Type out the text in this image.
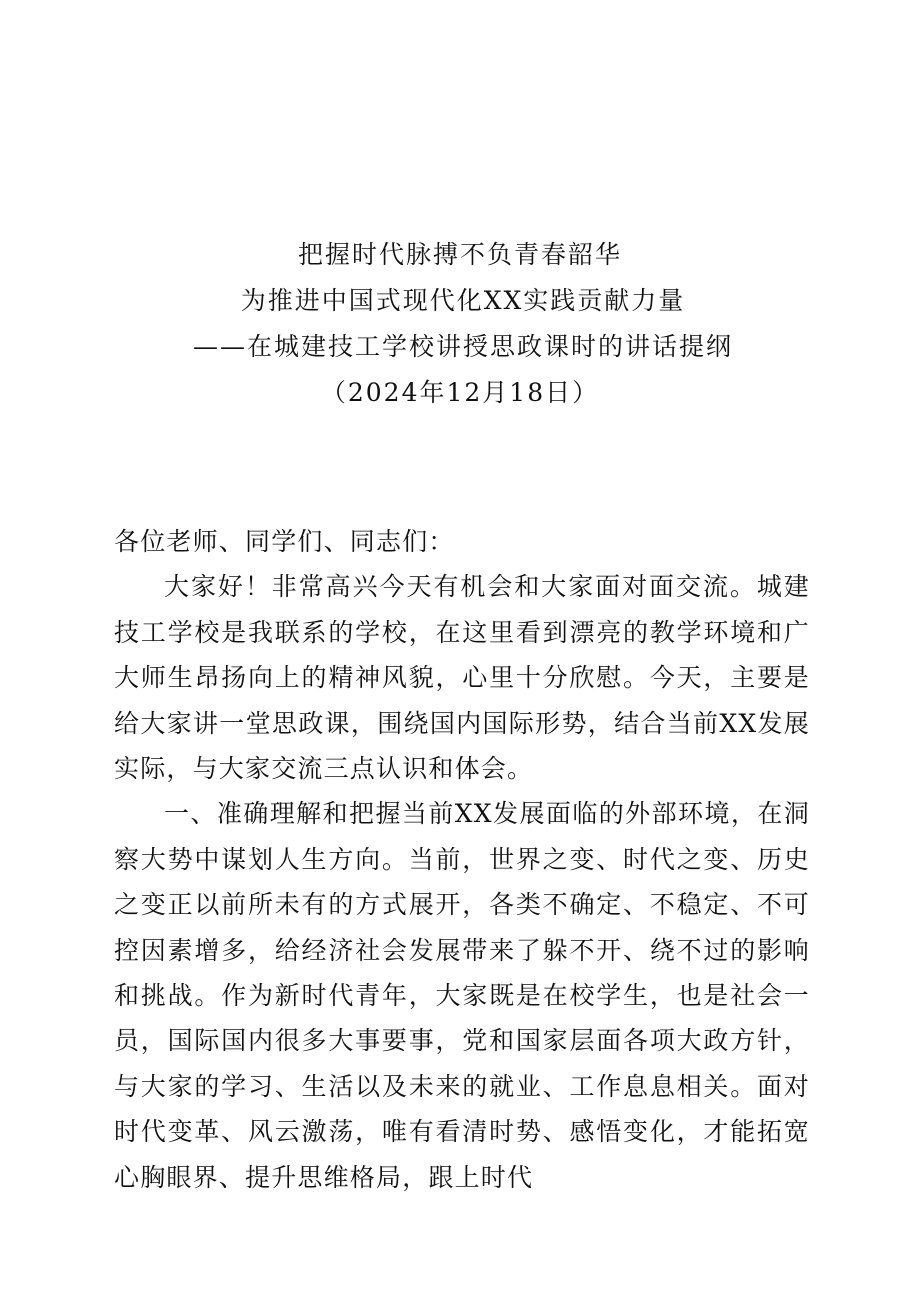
把握时代脉搏不负青春韶华
为推进中国式现代化XX实践贡献力量
——在城建技工学校讲授思政课时的讲话提纲
（2024年12月18日）

各位老师、同学们、同志们：

大家好！非常高兴今天有机会和大家面对面交流。城建技工学校是我联系的学校，在这里看到漂亮的教学环境和广大师生昂扬向上的精神风貌，心里十分欣慰。今天，主要是给大家讲一堂思政课，围绕国内国际形势，结合当前XX发展实际，与大家交流三点认识和体会。

一、准确理解和把握当前XX发展面临的外部环境，在洞察大势中谋划人生方向。当前，世界之变、时代之变、历史之变正以前所未有的方式展开，各类不确定、不稳定、不可控因素增多，给经济社会发展带来了躲不开、绕不过的影响和挑战。作为新时代青年，大家既是在校学生，也是社会一员，国际国内很多大事要事，党和国家层面各项大政方针，与大家的学习、生活以及未来的就业、工作息息相关。面对时代变革、风云激荡，唯有看清时势、感悟变化，才能拓宽心胸眼界、提升思维格局，跟上时代
